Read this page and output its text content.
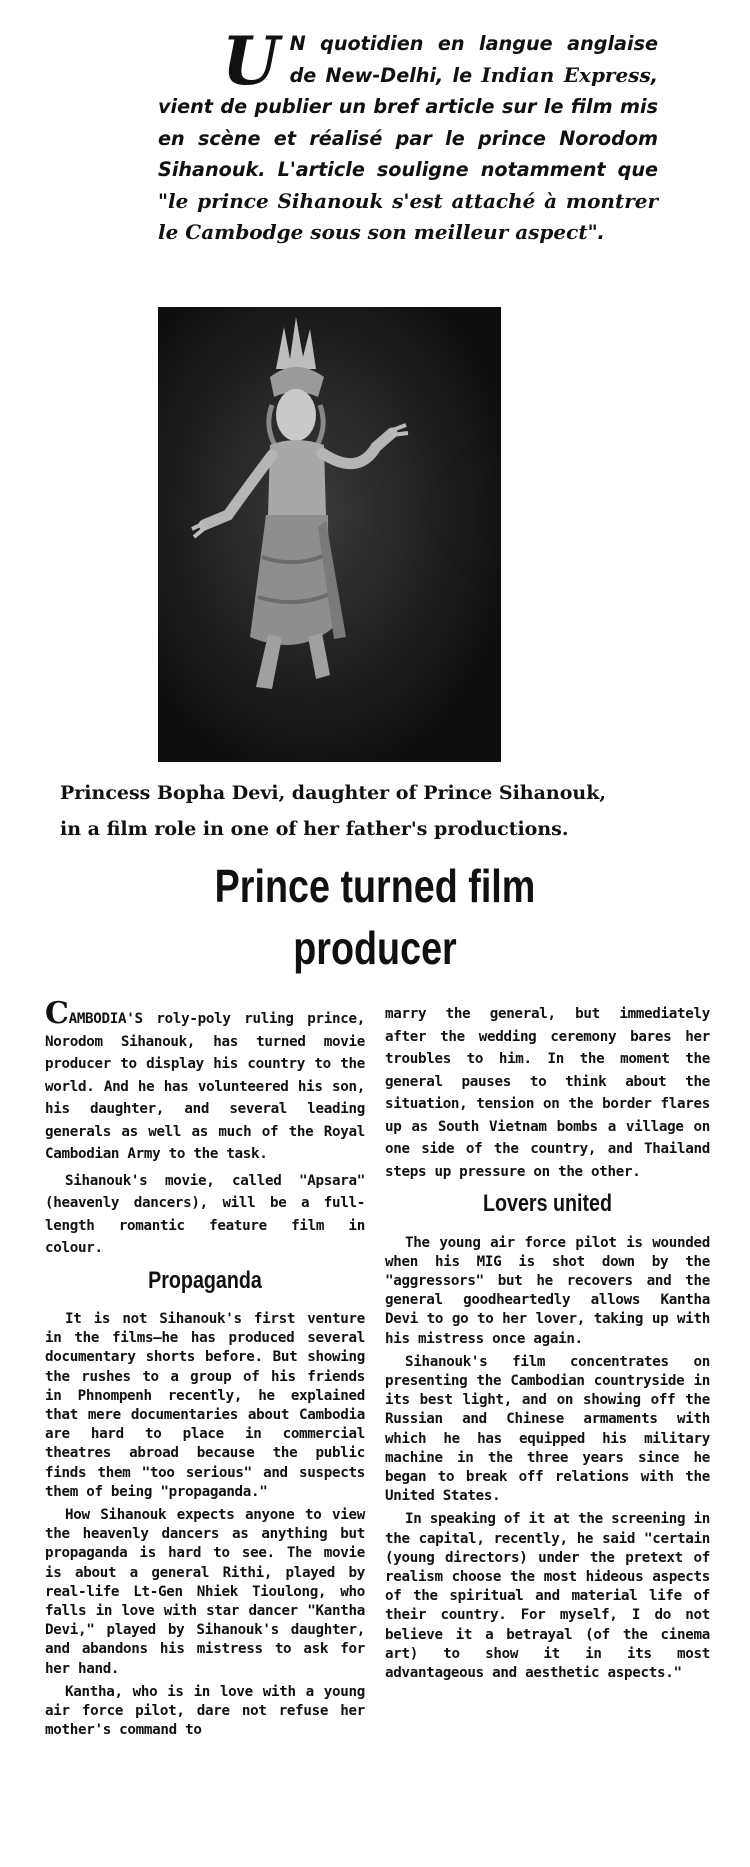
U N quotidien en langue anglaise de New-Delhi, le Indian Express, vient de publier un bref article sur le film mis en scène et réalisé par le prince Norodom Sihanouk. L'article souligne notamment que "le prince Sihanouk s'est attaché à montrer le Cambodge sous son meilleur aspect".
Princess Bopha Devi, daughter of Prince Sihanouk,
in a film role in one of her father's productions.
Prince turned film
producer

CAMBODIA'S roly-poly ruling prince, Norodom Sihanouk, has turned movie producer to display his country to the world. And he has volunteered his son, his daughter, and several leading generals as well as much of the Royal Cambodian Army to the task.

Sihanouk's movie, called "Apsara" (heavenly dancers), will be a full-length romantic feature film in colour.

Propaganda

It is not Sihanouk's first venture in the films—he has produced several documentary shorts before. But showing the rushes to a group of his friends in Phnompenh recently, he explained that mere documentaries about Cambodia are hard to place in commercial theatres abroad because the public finds them "too serious" and suspects them of being "propaganda."

How Sihanouk expects anyone to view the heavenly dancers as anything but propaganda is hard to see. The movie is about a general Rithi, played by real-life Lt-Gen Nhiek Tioulong, who falls in love with star dancer "Kantha Devi," played by Sihanouk's daughter, and abandons his mistress to ask for her hand.

Kantha, who is in love with a young air force pilot, dare not refuse her mother's command to

marry the general, but immediately after the wedding ceremony bares her troubles to him. In the moment the general pauses to think about the situation, tension on the border flares up as South Vietnam bombs a village on one side of the country, and Thailand steps up pressure on the other.

Lovers united

The young air force pilot is wounded when his MIG is shot down by the "aggressors" but he recovers and the general goodheartedly allows Kantha Devi to go to her lover, taking up with his mistress once again.

Sihanouk's film concentrates on presenting the Cambodian countryside in its best light, and on showing off the Russian and Chinese armaments with which he has equipped his military machine in the three years since he began to break off relations with the United States.

In speaking of it at the screening in the capital, recently, he said "certain (young directors) under the pretext of realism choose the most hideous aspects of the spiritual and material life of their country. For myself, I do not believe it a betrayal (of the cinema art) to show it in its most advantageous and aesthetic aspects."
